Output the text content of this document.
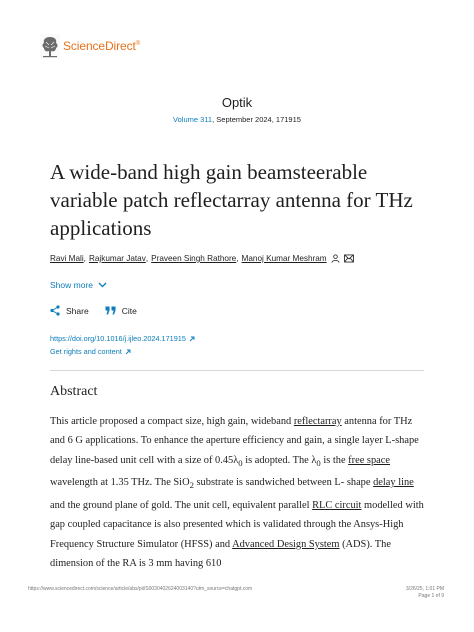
ScienceDirect®
Optik
Volume 311, September 2024, 171915
A wide-band high gain beamsteerable variable patch reflectarray antenna for THz applications
Ravi Mali , Rajkumar Jatav , Praveen Singh Rathore , Manoj Kumar Meshram
Show more
Share	Cite
https://doi.org/10.1016/j.ijleo.2024.171915
Get rights and content
Abstract

This article proposed a compact size, high gain, wideband reflectarray antenna for THz and 6 G applications. To enhance the aperture efficiency and gain, a single layer L-shape delay line-based unit cell with a size of $0.45\lambda_0$ is adopted. The $\lambda_0$ is the free space wavelength at 1.35 THz. The SiO$_2$ substrate is sandwiched between L- shape delay line and the ground plane of gold. The unit cell, equivalent parallel RLC circuit modelled with gap coupled capacitance is also presented which is validated through the Ansys-High Frequency Structure Simulator (HFSS) and Advanced Design System (ADS). The dimension of the RA is 3 mm having 610

https://www.sciencedirect.com/science/article/abs/pii/S0030402624003140?utm_source=chatgpt.com	3/26/25, 1:01 PM
Page 1 of 9
